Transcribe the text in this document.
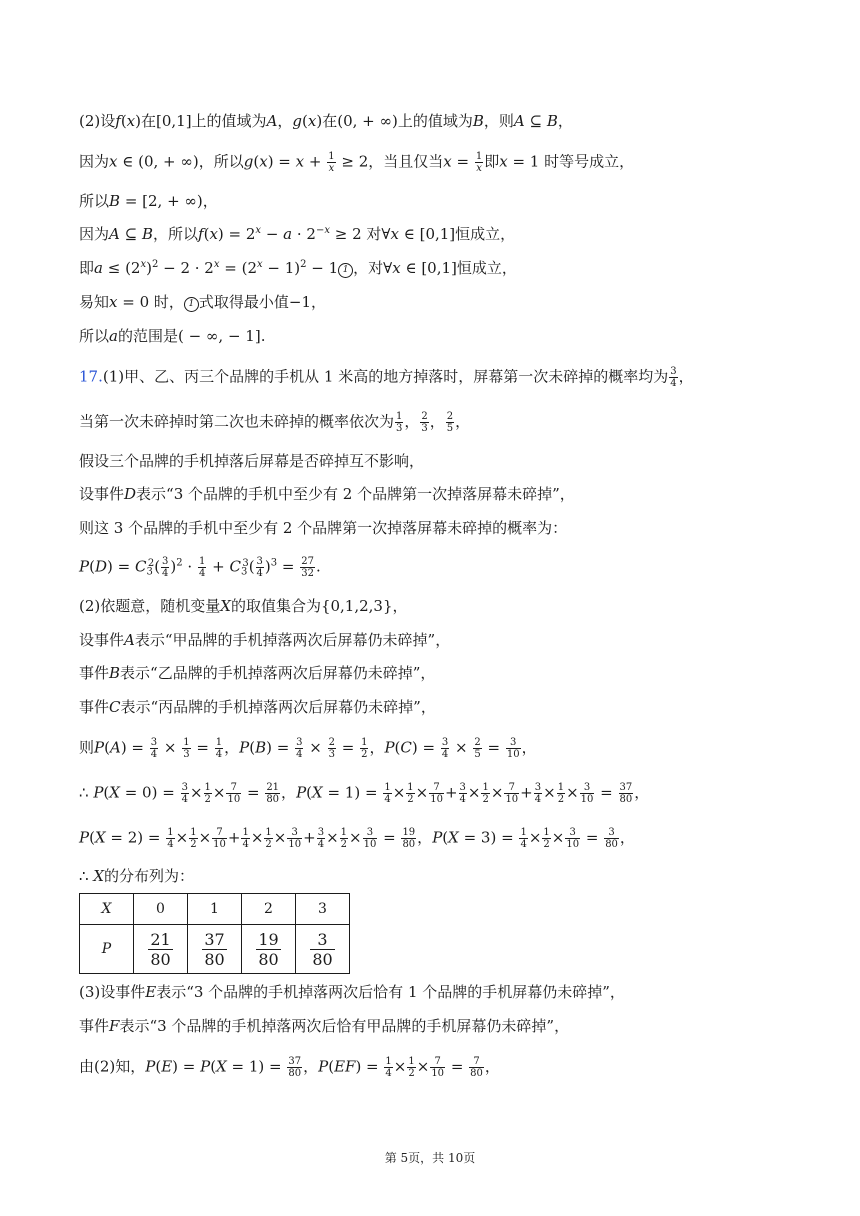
(2)设f(x)在[0,1]上的值域为A，g(x)在(0, + ∞)上的值域为B，则A ⊆ B，
因为x ∈ (0, + ∞)，所以$g(x) = x + \frac{1}{x} \ge 2$，当且仅当$x = \frac{1}{x}$ 即x = 1 时等号成立，
所以B = [2, + ∞)，
因为A ⊆ B，所以$f(x) = 2^x - a \cdot 2^{-x} \ge 2$ 对∀x ∈ [0,1]恒成立，
即$a \le (2^x)^2 - 2 \cdot 2^x = (2^x - 1)^2 - 1$ 1 ，对∀x ∈ [0,1]恒成立，
易知x = 0 时， 1 式取得最小值−1，
所以a的范围是( − ∞, − 1].
17.(1)甲、乙、丙三个品牌的手机从 1 米高的地方掉落时，屏幕第一次未碎掉的概率均为 $\frac{3}{4}$ ，
当第一次未碎掉时第二次也未碎掉的概率依次为 $\frac{1}{3}$ ， $\frac{2}{3}$ ， $\frac{2}{5}$ ，
假设三个品牌的手机掉落后屏幕是否碎掉互不影响，
设事件D表示“3 个品牌的手机中至少有 2 个品牌第一次掉落屏幕未碎掉”，
则这 3 个品牌的手机中至少有 2 个品牌第一次掉落屏幕未碎掉的概率为：
$P(D) = C_3^2( \frac{3}{4} )^2 \cdot \frac{1}{4} + C_3^3( \frac{3}{4} )^3 = \frac{27}{32}$ .
(2)依题意，随机变量X的取值集合为{0,1,2,3}，
设事件A表示“甲品牌的手机掉落两次后屏幕仍未碎掉”，
事件B表示“乙品牌的手机掉落两次后屏幕仍未碎掉”，
事件C表示“丙品牌的手机掉落两次后屏幕仍未碎掉”，
则$P(A) = \frac{3}{4} \times \frac{1}{3} = \frac{1}{4}$ ，$P(B) = \frac{3}{4} \times \frac{2}{3} = \frac{1}{2}$ ，$P(C) = \frac{3}{4} \times \frac{2}{5} = \frac{3}{10}$ ，
∴ $P(X = 0) = \frac{3}{4} \times \frac{1}{2} \times \frac{7}{10} = \frac{21}{80}$ ，$P(X = 1) = \frac{1}{4} \times \frac{1}{2} \times \frac{7}{10} + \frac{3}{4} \times \frac{1}{2} \times \frac{7}{10} + \frac{3}{4} \times \frac{1}{2} \times \frac{3}{10} = \frac{37}{80}$ ，
$P(X = 2) = \frac{1}{4} \times \frac{1}{2} \times \frac{7}{10} + \frac{1}{4} \times \frac{1}{2} \times \frac{3}{10} + \frac{3}{4} \times \frac{1}{2} \times \frac{3}{10} = \frac{19}{80}$ ，$P(X = 3) = \frac{1}{4} \times \frac{1}{2} \times \frac{3}{10} = \frac{3}{80}$ ，
∴ X的分布列为：
X	0	1	2	3
P	$\frac{21}{80}$	$\frac{37}{80}$	$\frac{19}{80}$	$\frac{3}{80}$
(3)设事件E表示“3 个品牌的手机掉落两次后恰有 1 个品牌的手机屏幕仍未碎掉”，
事件F表示“3 个品牌的手机掉落两次后恰有甲品牌的手机屏幕仍未碎掉”，
由(2)知，$P(E) = P(X = 1) = \frac{37}{80}$ ，$P(EF) = \frac{1}{4} \times \frac{1}{2} \times \frac{7}{10} = \frac{7}{80}$ ，
第 5页，共 10页
